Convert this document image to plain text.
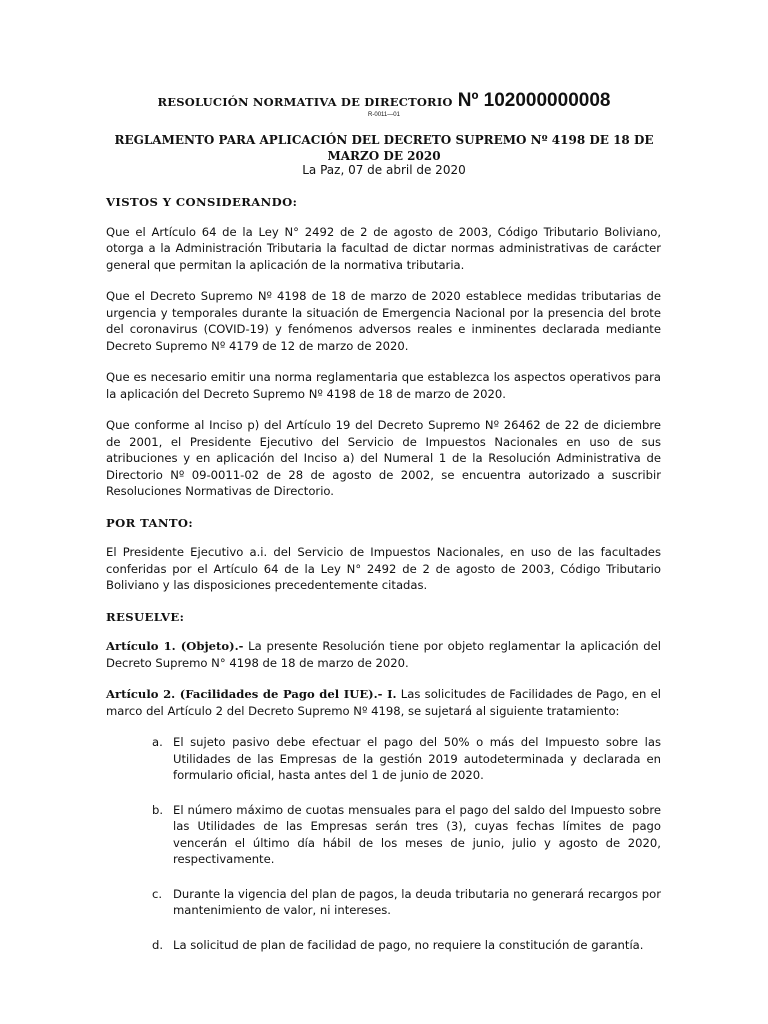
RESOLUCIÓN NORMATIVA DE DIRECTORIO Nº 102000000008
R-0011—01
REGLAMENTO PARA APLICACIÓN DEL DECRETO SUPREMO Nº 4198 DE 18 DE MARZO DE 2020
La Paz, 07 de abril de 2020
VISTOS Y CONSIDERANDO:

Que el Artículo 64 de la Ley N° 2492 de 2 de agosto de 2003, Código Tributario Boliviano, otorga a la Administración Tributaria la facultad de dictar normas administrativas de carácter general que permitan la aplicación de la normativa tributaria.

Que el Decreto Supremo Nº 4198 de 18 de marzo de 2020 establece medidas tributarias de urgencia y temporales durante la situación de Emergencia Nacional por la presencia del brote del coronavirus (COVID-19) y fenómenos adversos reales e inminentes declarada mediante Decreto Supremo Nº 4179 de 12 de marzo de 2020.

Que es necesario emitir una norma reglamentaria que establezca los aspectos operativos para la aplicación del Decreto Supremo Nº 4198 de 18 de marzo de 2020.

Que conforme al Inciso p) del Artículo 19 del Decreto Supremo Nº 26462 de 22 de diciembre de 2001, el Presidente Ejecutivo del Servicio de Impuestos Nacionales en uso de sus atribuciones y en aplicación del Inciso a) del Numeral 1 de la Resolución Administrativa de Directorio Nº 09-0011-02 de 28 de agosto de 2002, se encuentra autorizado a suscribir Resoluciones Normativas de Directorio.

POR TANTO:

El Presidente Ejecutivo a.i. del Servicio de Impuestos Nacionales, en uso de las facultades conferidas por el Artículo 64 de la Ley N° 2492 de 2 de agosto de 2003, Código Tributario Boliviano y las disposiciones precedentemente citadas.

RESUELVE:

Artículo 1. (Objeto).- La presente Resolución tiene por objeto reglamentar la aplicación del Decreto Supremo N° 4198 de 18 de marzo de 2020.

Artículo 2. (Facilidades de Pago del IUE).- I. Las solicitudes de Facilidades de Pago, en el marco del Artículo 2 del Decreto Supremo Nº 4198, se sujetará al siguiente tratamiento:

a. El sujeto pasivo debe efectuar el pago del 50% o más del Impuesto sobre las Utilidades de las Empresas de la gestión 2019 autodeterminada y declarada en formulario oficial, hasta antes del 1 de junio de 2020.
b. El número máximo de cuotas mensuales para el pago del saldo del Impuesto sobre las Utilidades de las Empresas serán tres (3), cuyas fechas límites de pago vencerán el último día hábil de los meses de junio, julio y agosto de 2020, respectivamente.
c. Durante la vigencia del plan de pagos, la deuda tributaria no generará recargos por mantenimiento de valor, ni intereses.
d. La solicitud de plan de facilidad de pago, no requiere la constitución de garantía.
